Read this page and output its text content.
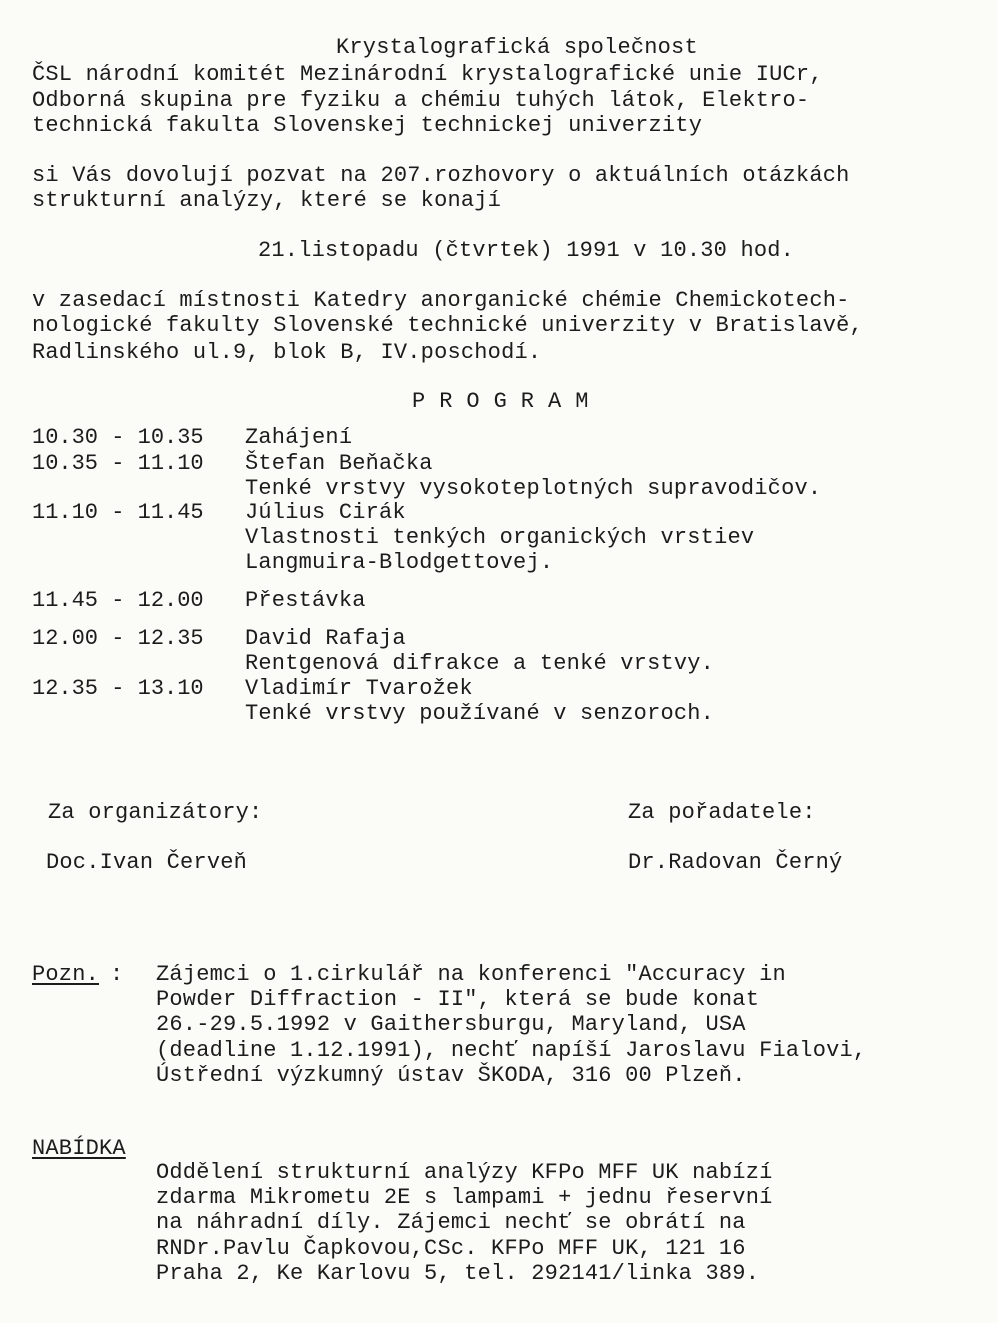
Krystalografická společnost
ČSL národní komitét Mezinárodní krystalografické unie IUCr,
Odborná skupina pre fyziku a chémiu tuhých látok, Elektro-
technická fakulta Slovenskej technickej univerzity
si Vás dovolují pozvat na 207.rozhovory o aktuálních otázkách
strukturní analýzy, které se konají
21.listopadu (čtvrtek) 1991 v 10.30 hod.
v zasedací místnosti Katedry anorganické chémie Chemickotech-
nologické fakulty Slovenské technické univerzity v Bratislavě,
Radlinského ul.9, blok B, IV.poschodí.
PROGRAM
10.30 - 10.35 Zahájení
10.35 - 11.10 Štefan Beňačka
Tenké vrstvy vysokoteplotných supravodičov.
11.10 - 11.45 Július Cirák
Vlastnosti tenkých organických vrstiev
Langmuira-Blodgettovej.
11.45 - 12.00 Přestávka
12.00 - 12.35 David Rafaja
Rentgenová difrakce a tenké vrstvy.
12.35 - 13.10 Vladimír Tvarožek
Tenké vrstvy používané v senzoroch.
Za organizátory:	Za pořadatele:
Doc.Ivan Červeň	Dr.Radovan Černý
Pozn. : Zájemci o 1.cirkulář na konferenci "Accuracy in
Powder Diffraction - II", která se bude konat
26.-29.5.1992 v Gaithersburgu, Maryland, USA
(deadline 1.12.1991), nechť napíší Jaroslavu Fialovi,
Ústřední výzkumný ústav ŠKODA, 316 00 Plzeň.
NABÍDKA
Oddělení strukturní analýzy KFPo MFF UK nabízí
zdarma Mikrometu 2E s lampami + jednu řeservní
na náhradní díly. Zájemci nechť se obrátí na
RNDr.Pavlu Čapkovou,CSc. KFPo MFF UK, 121 16
Praha 2, Ke Karlovu 5, tel. 292141/linka 389.
